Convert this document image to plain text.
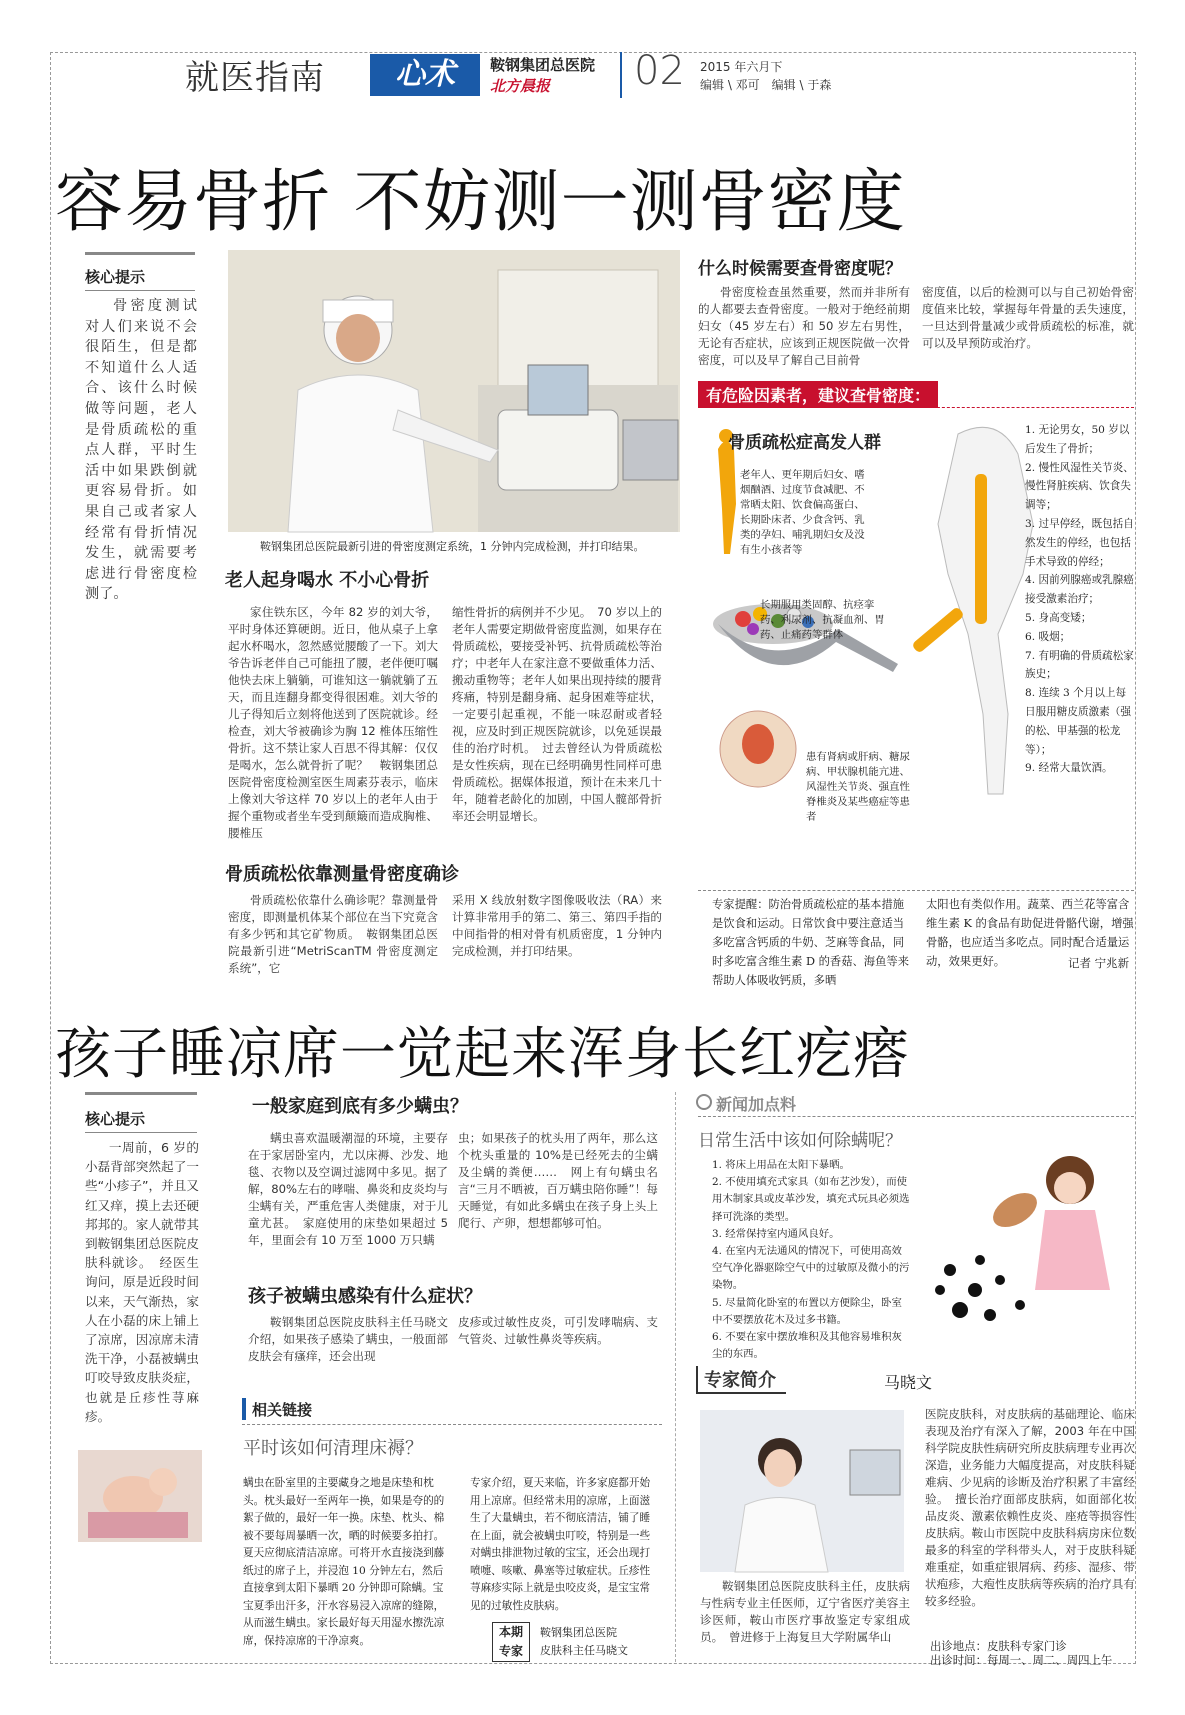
就医指南	心术	鞍钢集团总医院
北方晨报 02 2015 年六月下
编辑 \ 邓可　编辑 \ 于森
容易骨折 不妨测一测骨密度
核心提示
骨密度测试对人们来说不会很陌生，但是都不知道什么人适合、该什么时候做等问题，老人是骨质疏松的重点人群，平时生活中如果跌倒就更容易骨折。如果自己或者家人经常有骨折情况发生，就需要考虑进行骨密度检测了。
鞍钢集团总医院最新引进的骨密度测定系统，1 分钟内完成检测，并打印结果。
老人起身喝水 不小心骨折
家住铁东区，今年 82 岁的刘大爷，平时身体还算硬朗。近日，他从桌子上拿起水杯喝水，忽然感觉腰酸了一下。刘大爷告诉老伴自己可能扭了腰，老伴便叮嘱他快去床上躺躺，可谁知这一躺就躺了五天，而且连翻身都变得很困难。刘大爷的儿子得知后立刻将他送到了医院就诊。经检查，刘大爷被确诊为胸 12 椎体压缩性骨折。这不禁让家人百思不得其解：仅仅是喝水，怎么就骨折了呢？　鞍钢集团总医院骨密度检测室医生周素芬表示，临床上像刘大爷这样 70 岁以上的老年人由于握个重物或者坐车受到颠簸而造成胸椎、腰椎压
缩性骨折的病例并不少见。　70 岁以上的老年人需要定期做骨密度监测，如果存在骨质疏松，要接受补钙、抗骨质疏松等治疗；中老年人在家注意不要做重体力活、搬动重物等；老年人如果出现持续的腰背疼痛，特别是翻身痛、起身困难等症状，一定要引起重视，不能一味忍耐或者轻视，应及时到正规医院就诊，以免延误最佳的治疗时机。　过去曾经认为骨质疏松是女性疾病，现在已经明确男性同样可患骨质疏松。据媒体报道，预计在未来几十年，随着老龄化的加剧，中国人髋部骨折率还会明显增长。
骨质疏松依靠测量骨密度确诊
骨质疏松依靠什么确诊呢？靠测量骨密度，即测量机体某个部位在当下究竟含有多少钙和其它矿物质。　鞍钢集团总医院最新引进“MetriScanTM 骨密度测定系统”，它
采用 X 线放射数字图像吸收法（RA）来计算非常用手的第二、第三、第四手指的中间指骨的相对骨有机质密度，1 分钟内完成检测，并打印结果。
什么时候需要查骨密度呢？
骨密度检查虽然重要，然而并非所有的人都要去查骨密度。一般对于绝经前期妇女（45 岁左右）和 50 岁左右男性，无论有否症状，应该到正规医院做一次骨密度，可以及早了解自己目前骨
密度值，以后的检测可以与自己初始骨密度值来比较，掌握每年骨量的丢失速度，一旦达到骨量减少或骨质疏松的标准，就可以及早预防或治疗。
有危险因素者，建议查骨密度：
骨质疏松症高发人群
老年人、更年期后妇女、嗜烟酗酒、过度节食减肥、不常晒太阳、饮食偏高蛋白、长期卧床者、少食含钙、乳类的孕妇、哺乳期妇女及没有生小孩者等
长期服用类固醇、抗痉挛药、利尿剂、抗凝血剂、胃药、止痛药等群体
患有肾病或肝病、糖尿病、甲状腺机能亢进、风湿性关节炎、强直性脊椎炎及某些癌症等患者
1. 无论男女，50 岁以后发生了骨折；
2. 慢性风湿性关节炎、慢性肾脏疾病、饮食失调等；
3. 过早停经，既包括自然发生的停经，也包括手术导致的停经；
4. 因前列腺癌或乳腺癌接受激素治疗；
5. 身高变矮；
6. 吸烟；
7. 有明确的骨质疏松家族史；
8. 连续 3 个月以上每日服用糖皮质激素（强的松、甲基强的松龙等）；
9. 经常大量饮酒。
专家提醒：防治骨质疏松症的基本措施是饮食和运动。日常饮食中要注意适当多吃富含钙质的牛奶、芝麻等食品，同时多吃富含维生素 D 的香菇、海鱼等来帮助人体吸收钙质，多晒
太阳也有类似作用。蔬菜、西兰花等富含维生素 K 的食品有助促进骨骼代谢，增强骨骼，也应适当多吃点。同时配合适量运动，效果更好。	记者 宁兆新
孩子睡凉席一觉起来浑身长红疙瘩
核心提示
一周前，6 岁的小磊背部突然起了一些“小疹子”，并且又红又痒，摸上去还硬邦邦的。家人就带其到鞍钢集团总医院皮肤科就诊。　经医生询问，原是近段时间以来，天气渐热，家人在小磊的床上铺上了凉席，因凉席未清洗干净，小磊被螨虫叮咬导致皮肤炎症，也就是丘疹性荨麻疹。
一般家庭到底有多少螨虫？
螨虫喜欢温暖潮湿的环境，主要存在于家居卧室内，尤以床褥、沙发、地毯、衣物以及空调过滤网中多见。据了解，80%左右的哮喘、鼻炎和皮炎均与尘螨有关，严重危害人类健康，对于儿童尤甚。　家庭使用的床垫如果超过 5 年，里面会有 10 万至 1000 万只螨
虫；如果孩子的枕头用了两年，那么这个枕头重量的 10%是已经死去的尘螨及尘螨的粪便……　网上有句螨虫名言“三月不晒被，百万螨虫陪你睡”！每天睡觉，有如此多螨虫在孩子身上头上爬行、产卵，想想都够可怕。
孩子被螨虫感染有什么症状？
鞍钢集团总医院皮肤科主任马晓文介绍，如果孩子感染了螨虫，一般面部皮肤会有瘙痒，还会出现
皮疹或过敏性皮炎，可引发哮喘病、支气管炎、过敏性鼻炎等疾病。
相关链接
平时该如何清理床褥？
螨虫在卧室里的主要藏身之地是床垫和枕头。枕头最好一至两年一换，如果是夸的的絮子做的，最好一年一换。床垫、枕头、棉被不要每周暴晒一次，晒的时候要多拍打。　夏天应彻底清洁凉席。可将开水直接浇到藤纸过的席子上，并浸泡 10 分钟左右，然后直接拿到太阳下暴晒 20 分钟即可除螨。宝宝夏季出汗多，汗水容易浸入凉席的缝隙，从而滋生螨虫。家长最好每天用湿水擦洗凉席，保持凉席的干净凉爽。
专家介绍，夏天来临，许多家庭都开始用上凉席。但经常未用的凉席，上面滋生了大量螨虫，若不彻底清洁，铺了睡在上面，就会被螨虫叮咬，特别是一些对螨虫排泄物过敏的宝宝，还会出现打喷嚏、咳嗽、鼻塞等过敏症状。丘疹性荨麻疹实际上就是虫咬皮炎，是宝宝常见的过敏性皮肤病。
本期
专家
鞍钢集团总医院
皮肤科主任马晓文
新闻加点料
日常生活中该如何除螨呢？
1. 将床上用品在太阳下暴晒。
2. 不使用填充式家具（如布艺沙发），而使用木制家具或皮革沙发，填充式玩具必须选择可洗涤的类型。
3. 经常保持室内通风良好。
4. 在室内无法通风的情况下，可使用高效空气净化器驱除空气中的过敏原及微小的污染物。
5. 尽量简化卧室的布置以方便除尘，卧室中不要摆放花木及过多书籍。
6. 不要在家中摆放堆积及其他容易堆积灰尘的东西。
专家简介	马晓文
医院皮肤科，对皮肤病的基础理论、临床表现及治疗有深入了解，2003 年在中国科学院皮肤性病研究所皮肤病理专业再次深造，业务能力大幅度提高，对皮肤科疑难病、少见病的诊断及治疗积累了丰富经验。　擅长治疗面部皮肤病，如面部化妆品皮炎、激素依赖性皮炎、座疮等损容性皮肤病。鞍山市医院中皮肤科病房床位数最多的科室的学科带头人，对于皮肤科疑难重症，如重症银屑病、药疹、湿疹、带状疱疹，大疱性皮肤病等疾病的治疗具有较多经验。
鞍钢集团总医院皮肤科主任，皮肤病与性病专业主任医师，辽宁省医疗美容主诊医师，鞍山市医疗事故鉴定专家组成员。　曾进修于上海复旦大学附属华山
出诊地点：皮肤科专家门诊
出诊时间：每周一、周二、周四上午
